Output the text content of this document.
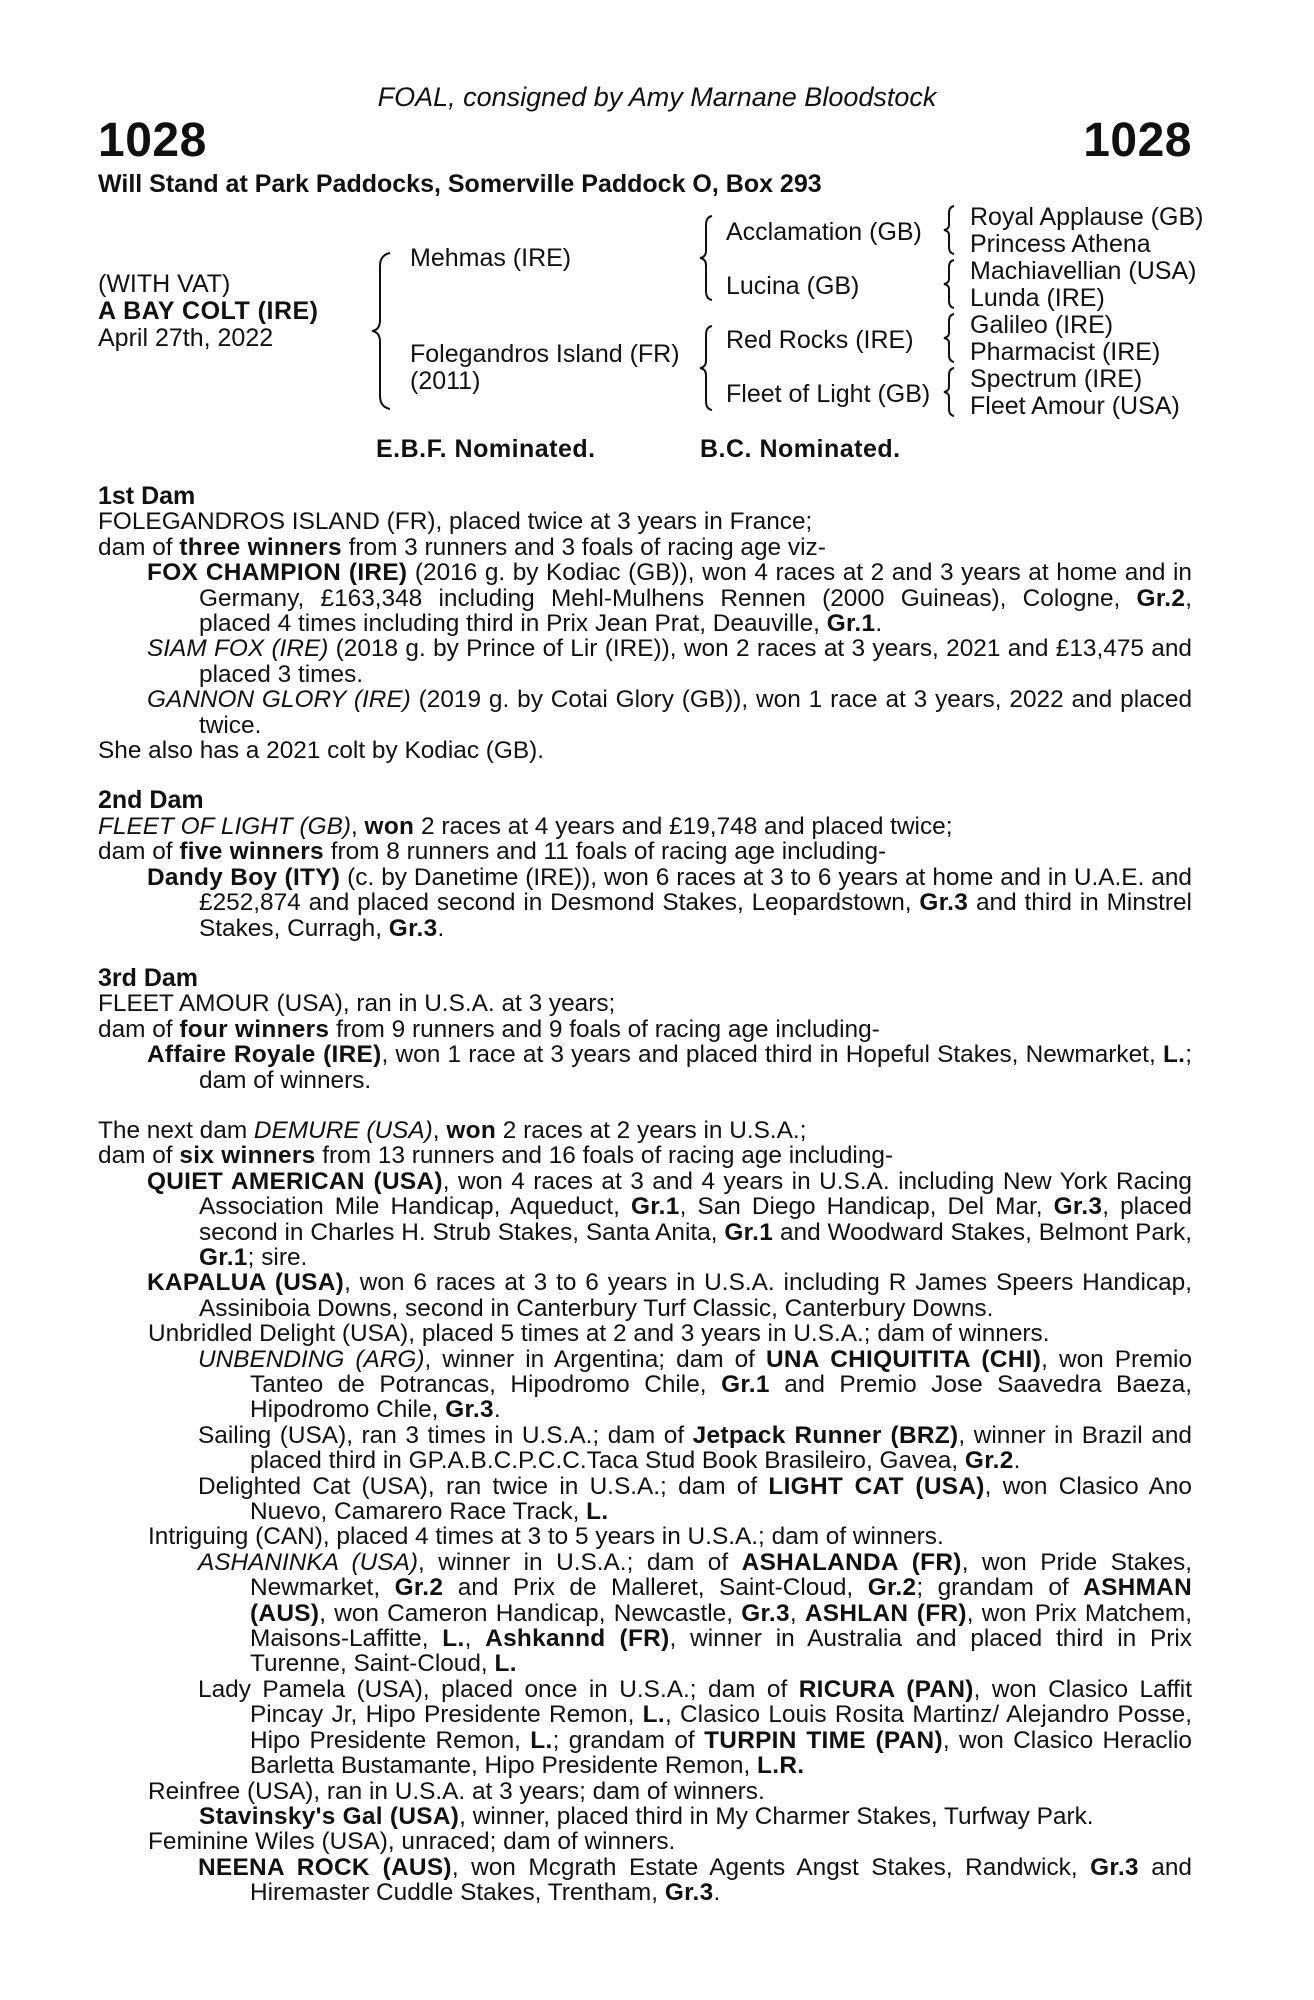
FOAL, consigned by Amy Marnane Bloodstock
1028	1028
Will Stand at Park Paddocks, Somerville Paddock O, Box 293
(WITH VAT)
A BAY COLT (IRE)
April 27th, 2022
Mehmas (IRE)
Folegandros Island (FR)
(2011)
Acclamation (GB)
Lucina (GB)
Red Rocks (IRE)
Fleet of Light (GB)
Royal Applause (GB)
Princess Athena
Machiavellian (USA)
Lunda (IRE)
Galileo (IRE)
Pharmacist (IRE)
Spectrum (IRE)
Fleet Amour (USA)
E.B.F. Nominated.	B.C. Nominated.

1st Dam

FOLEGANDROS ISLAND (FR), placed twice at 3 years in France;

dam of three winners from 3 runners and 3 foals of racing age viz-

FOX CHAMPION (IRE) (2016 g. by Kodiac (GB)), won 4 races at 2 and 3 years at home and in Germany, £163,348 including Mehl-Mulhens Rennen (2000 Guineas), Cologne, Gr.2, placed 4 times including third in Prix Jean Prat, Deauville, Gr.1.

SIAM FOX (IRE) (2018 g. by Prince of Lir (IRE)), won 2 races at 3 years, 2021 and £13,475 and placed 3 times.

GANNON GLORY (IRE) (2019 g. by Cotai Glory (GB)), won 1 race at 3 years, 2022 and placed twice.

She also has a 2021 colt by Kodiac (GB).

2nd Dam

FLEET OF LIGHT (GB), won 2 races at 4 years and £19,748 and placed twice;

dam of five winners from 8 runners and 11 foals of racing age including-

Dandy Boy (ITY) (c. by Danetime (IRE)), won 6 races at 3 to 6 years at home and in U.A.E. and £252,874 and placed second in Desmond Stakes, Leopardstown, Gr.3 and third in Minstrel Stakes, Curragh, Gr.3.

3rd Dam

FLEET AMOUR (USA), ran in U.S.A. at 3 years;

dam of four winners from 9 runners and 9 foals of racing age including-

Affaire Royale (IRE), won 1 race at 3 years and placed third in Hopeful Stakes, Newmarket, L.; dam of winners.

The next dam DEMURE (USA), won 2 races at 2 years in U.S.A.;

dam of six winners from 13 runners and 16 foals of racing age including-

QUIET AMERICAN (USA), won 4 races at 3 and 4 years in U.S.A. including New York Racing Association Mile Handicap, Aqueduct, Gr.1, San Diego Handicap, Del Mar, Gr.3, placed second in Charles H. Strub Stakes, Santa Anita, Gr.1 and Woodward Stakes, Belmont Park, Gr.1; sire.

KAPALUA (USA), won 6 races at 3 to 6 years in U.S.A. including R James Speers Handicap, Assiniboia Downs, second in Canterbury Turf Classic, Canterbury Downs.

Unbridled Delight (USA), placed 5 times at 2 and 3 years in U.S.A.; dam of winners.

UNBENDING (ARG), winner in Argentina; dam of UNA CHIQUITITA (CHI), won Premio Tanteo de Potrancas, Hipodromo Chile, Gr.1 and Premio Jose Saavedra Baeza, Hipodromo Chile, Gr.3.

Sailing (USA), ran 3 times in U.S.A.; dam of Jetpack Runner (BRZ), winner in Brazil and placed third in GP.A.B.C.P.C.C.Taca Stud Book Brasileiro, Gavea, Gr.2.

Delighted Cat (USA), ran twice in U.S.A.; dam of LIGHT CAT (USA), won Clasico Ano Nuevo, Camarero Race Track, L.

Intriguing (CAN), placed 4 times at 3 to 5 years in U.S.A.; dam of winners.

ASHANINKA (USA), winner in U.S.A.; dam of ASHALANDA (FR), won Pride Stakes, Newmarket, Gr.2 and Prix de Malleret, Saint-Cloud, Gr.2; grandam of ASHMAN (AUS), won Cameron Handicap, Newcastle, Gr.3, ASHLAN (FR), won Prix Matchem, Maisons-Laffitte, L., Ashkannd (FR), winner in Australia and placed third in Prix Turenne, Saint-Cloud, L.

Lady Pamela (USA), placed once in U.S.A.; dam of RICURA (PAN), won Clasico Laffit Pincay Jr, Hipo Presidente Remon, L., Clasico Louis Rosita Martinz/ Alejandro Posse, Hipo Presidente Remon, L.; grandam of TURPIN TIME (PAN), won Clasico Heraclio Barletta Bustamante, Hipo Presidente Remon, L.R.

Reinfree (USA), ran in U.S.A. at 3 years; dam of winners.

Stavinsky's Gal (USA), winner, placed third in My Charmer Stakes, Turfway Park.

Feminine Wiles (USA), unraced; dam of winners.

NEENA ROCK (AUS), won Mcgrath Estate Agents Angst Stakes, Randwick, Gr.3 and Hiremaster Cuddle Stakes, Trentham, Gr.3.
